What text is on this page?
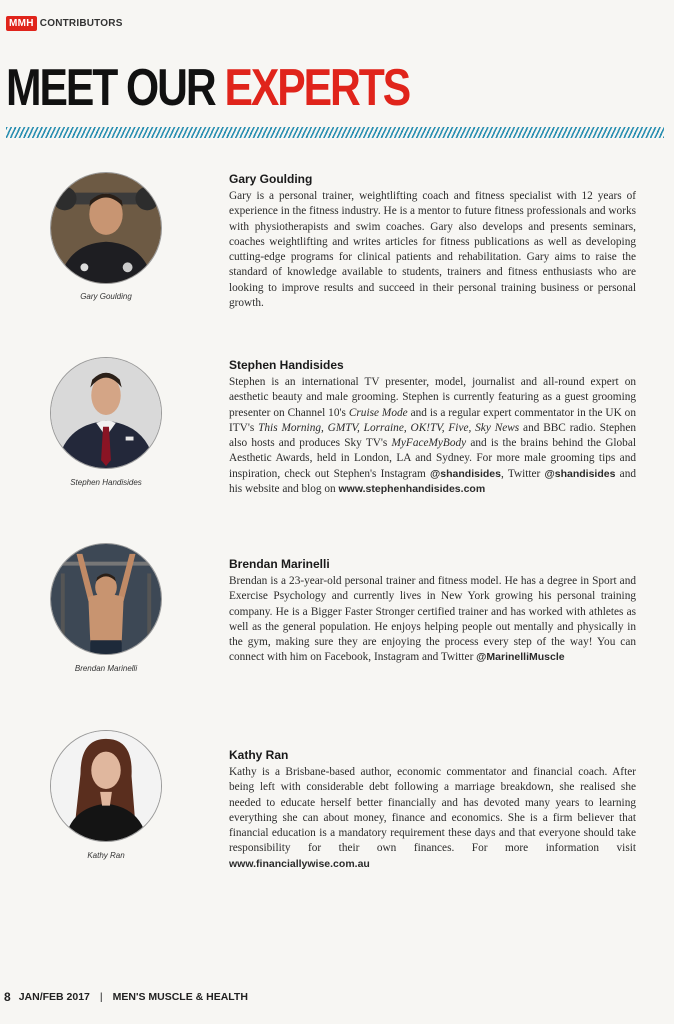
MMH CONTRIBUTORS
MEET OUR EXPERTS
Gary Goulding
Gary Goulding

Gary is a personal trainer, weightlifting coach and fitness specialist with 12 years of experience in the fitness industry. He is a mentor to future fitness professionals and works with physiotherapists and swim coaches. Gary also develops and presents seminars, coaches weightlifting and writes articles for fitness publications as well as developing cutting-edge programs for clinical patients and rehabilitation. Gary aims to raise the standard of knowledge available to students, trainers and fitness enthusiasts who are looking to improve results and succeed in their personal training business or personal growth.

Stephen Handisides
Stephen Handisides

Stephen is an international TV presenter, model, journalist and all-round expert on aesthetic beauty and male grooming. Stephen is currently featuring as a guest grooming presenter on Channel 10's Cruise Mode and is a regular expert commentator in the UK on ITV's This Morning, GMTV, Lorraine, OK!TV, Five, Sky News and BBC radio. Stephen also hosts and produces Sky TV's MyFaceMyBody and is the brains behind the Global Aesthetic Awards, held in London, LA and Sydney. For more male grooming tips and inspiration, check out Stephen's Instagram @shandisides, Twitter @shandisides and his website and blog on www.stephenhandisides.com

Brendan Marinelli
Brendan Marinelli

Brendan is a 23-year-old personal trainer and fitness model. He has a degree in Sport and Exercise Psychology and currently lives in New York growing his personal training company. He is a Bigger Faster Stronger certified trainer and has worked with athletes as well as the general population. He enjoys helping people out mentally and physically in the gym, making sure they are enjoying the process every step of the way! You can connect with him on Facebook, Instagram and Twitter @MarinelliMuscle

Kathy Ran
Kathy Ran

Kathy is a Brisbane-based author, economic commentator and financial coach. After being left with considerable debt following a marriage breakdown, she realised she needed to educate herself better financially and has devoted many years to learning everything she can about money, finance and economics. She is a firm believer that financial education is a mandatory requirement these days and that everyone should take responsibility for their own finances. For more information visit www.financiallywise.com.au

8 JAN/FEB 2017 | MEN'S MUSCLE & HEALTH
